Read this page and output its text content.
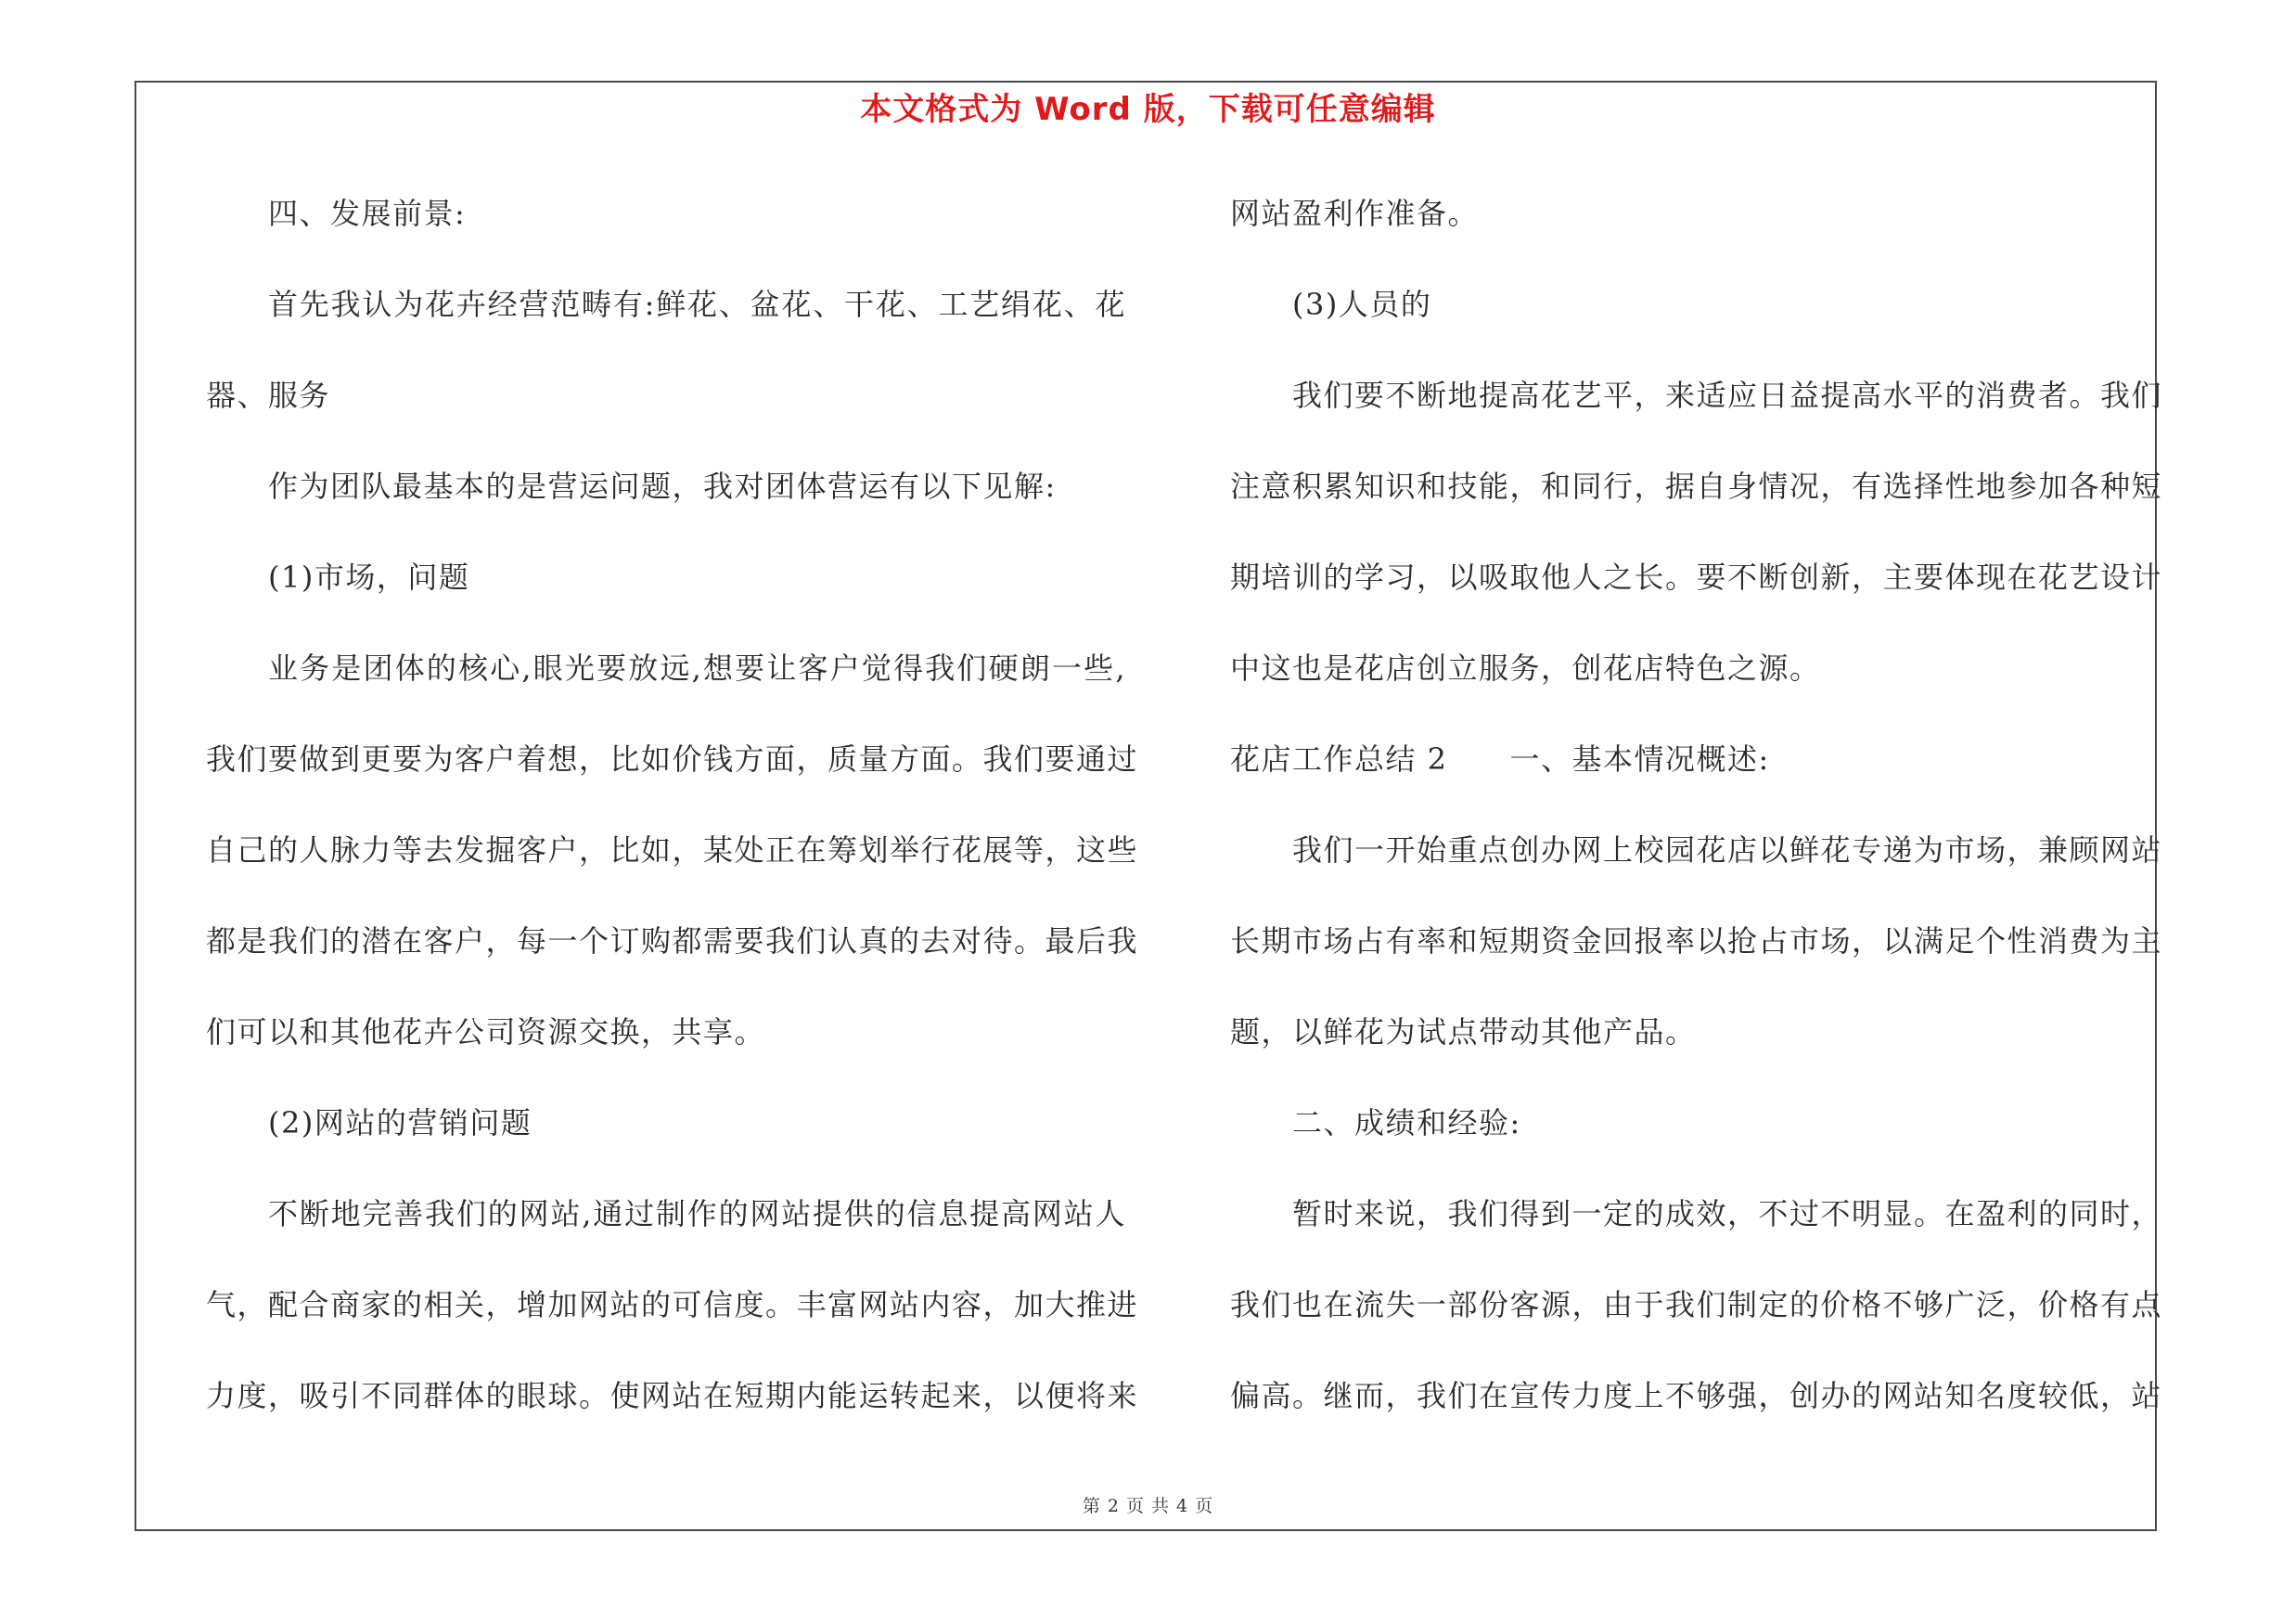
本文格式为 Word 版，下载可任意编辑
四、发展前景:
首先我认为花卉经营范畴有:鲜花、盆花、干花、工艺绢花、花
器、服务
作为团队最基本的是营运问题，我对团体营运有以下见解:
(1)市场，问题
业务是团体的核心,眼光要放远,想要让客户觉得我们硬朗一些,
我们要做到更要为客户着想，比如价钱方面，质量方面。我们要通过
自己的人脉力等去发掘客户，比如，某处正在筹划举行花展等，这些
都是我们的潜在客户，每一个订购都需要我们认真的去对待。最后我
们可以和其他花卉公司资源交换，共享。
(2)网站的营销问题
不断地完善我们的网站,通过制作的网站提供的信息提高网站人
气，配合商家的相关，增加网站的可信度。丰富网站内容，加大推进
力度，吸引不同群体的眼球。使网站在短期内能运转起来，以便将来
网站盈利作准备。
(3)人员的
我们要不断地提高花艺平，来适应日益提高水平的消费者。我们
注意积累知识和技能，和同行，据自身情况，有选择性地参加各种短
期培训的学习，以吸取他人之长。要不断创新，主要体现在花艺设计
中这也是花店创立服务，创花店特色之源。
花店工作总结 2　　一、基本情况概述:
我们一开始重点创办网上校园花店以鲜花专递为市场，兼顾网站
长期市场占有率和短期资金回报率以抢占市场，以满足个性消费为主
题，以鲜花为试点带动其他产品。
二、成绩和经验:
暂时来说，我们得到一定的成效，不过不明显。在盈利的同时，
我们也在流失一部份客源，由于我们制定的价格不够广泛，价格有点
偏高。继而，我们在宣传力度上不够强，创办的网站知名度较低，站
第 2 页 共 4 页
